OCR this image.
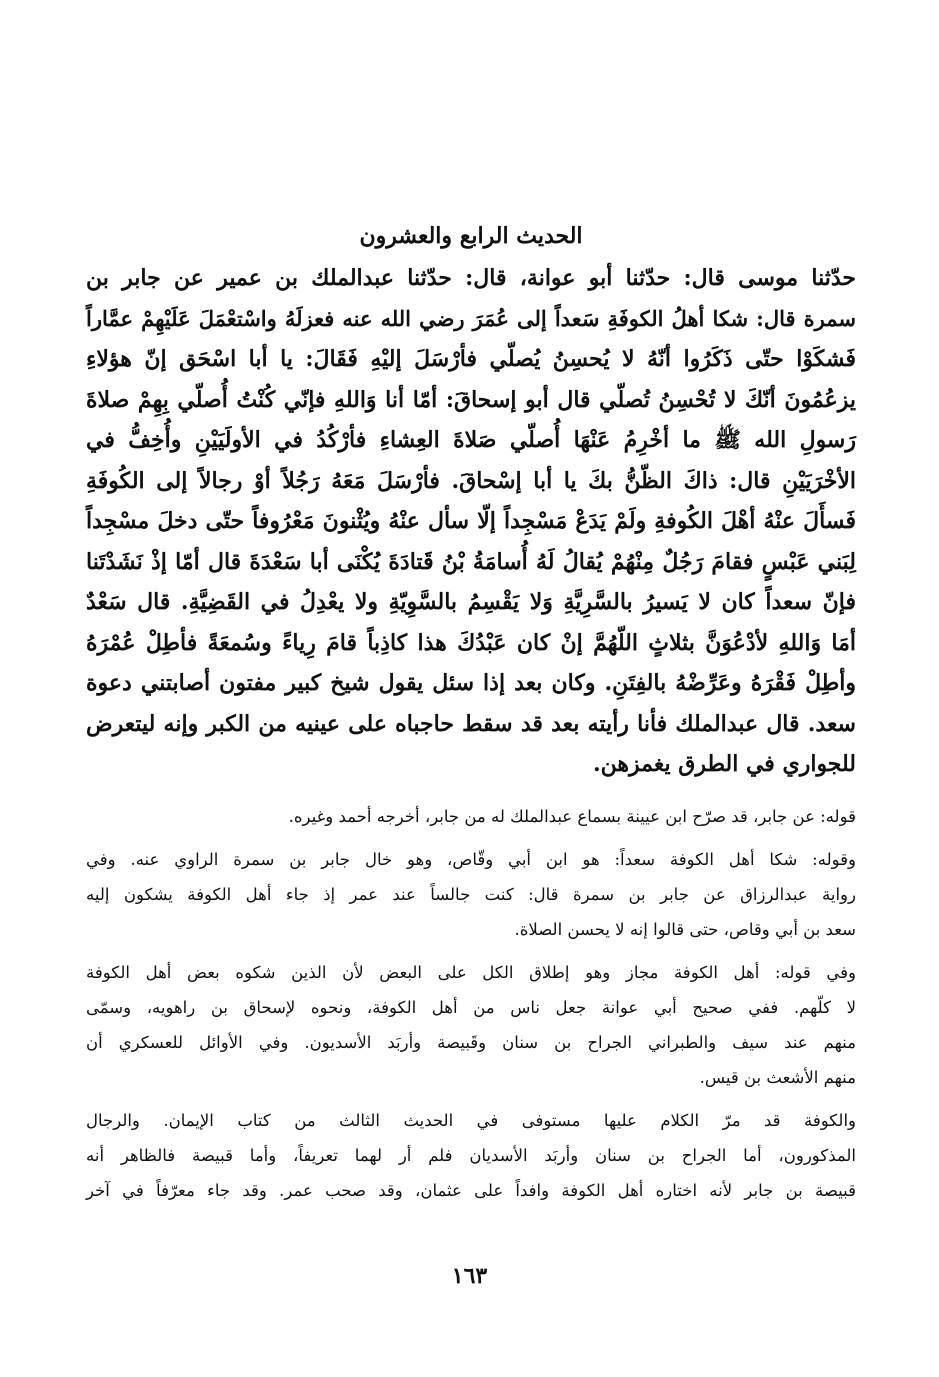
الحديث الرابع والعشرون
حدّثنا موسى قال: حدّثنا أبو عوانة، قال: حدّثنا عبدالملك بن عمير عن جابر بن
سمرة قال: شكا أهلُ الكوفَةِ سَعداً إلى عُمَرَ رضي الله عنه فعزلَهُ واسْتعْمَلَ عَلَيْهِمْ عمَّاراً
فَشكَوْا حتّى ذَكَرُوا أنّهُ لا يُحسِنُ يُصلّي فأرْسَلَ إليْهِ فَقَالَ: يا أبا اسْحَق إنّ هؤلاءِ
يزعُمُونَ أنّكَ لا تُحْسِنُ تُصلّي قال أبو إسحاقَ: أمّا أنا وَاللهِ فإنّي كُنْتُ أُصلّي بِهِمْ صلاةَ
رَسولِ الله ﷺ ما أخْرِمُ عَنْهَا أُصلّي صَلاةَ العِشاءِ فأرْكُدُ في الأولَيَيْنِ وأُخِفُّ في
الأخْرَيَيْنِ قال: ذاكَ الظّنُّ بكَ يا أبا إسْحاقَ. فأرْسَلَ مَعَهُ رَجُلاً أوْ رجالاً إلى الكُوفَةِ
فَسأَلَ عنْهُ أهْلَ الكُوفةِ ولَمْ يَدَعْ مَسْجِداً إلّا سأل عنْهُ ويُثْنونَ مَعْرُوفاً حتّى دخلَ مسْجِداً
لِبَني عَبْسٍ فقامَ رَجُلٌ مِنْهُمْ يُقالُ لَهُ أُسامَةُ بْنُ قَتادَةَ يُكْنَى أبا سَعْدَةَ قال أمّا إذْ نَشَدْتَنا
فإنّ سعداً كان لا يَسيرُ بالسَّرِيَّةِ وَلا يَقْسِمُ بالسَّوِيّةِ ولا يعْدِلُ في القَضِيَّةِ. قال سَعْدٌ
أمَا وَاللهِ لأدْعُوَنَّ بثلاثٍ اللّهُمَّ إنْ كان عَبْدُكَ هذا كاذِباً قامَ رِياءً وسُمعَةً فأطِلْ عُمْرَهُ
وأطِلْ فَقْرَهُ وعَرِّضْهُ بالفِتَنِ. وكان بعد إذا سئل يقول شيخ كبير مفتون أصابتني دعوة
سعد. قال عبدالملك فأنا رأيته بعد قد سقط حاجباه على عينيه من الكبر وإنه ليتعرض
للجواري في الطرق يغمزهن.

قوله: عن جابر، قد صرّح ابن عيينة بسماع عبدالملك له من جابر، أخرجه أحمد وغيره.

وقوله: شكا أهل الكوفة سعداً: هو ابن أبي وقّاص، وهو خال جابر بن سمرة الراوي عنه. وفي
رواية عبدالرزاق عن جابر بن سمرة قال: كنت جالساً عند عمر إذ جاء أهل الكوفة يشكون إليه
سعد بن أبي وقاص، حتى قالوا إنه لا يحسن الصلاة.

وفي قوله: أهل الكوفة مجاز وهو إطلاق الكل على البعض لأن الذين شكوه بعض أهل الكوفة
لا كلّهم. ففي صحيح أبي عوانة جعل ناس من أهل الكوفة، ونحوه لإسحاق بن راهويه، وسمّى
منهم عند سيف والطبراني الجراح بن سنان وقَبيصة وأربَد الأسديون. وفي الأوائل للعسكري أن
منهم الأشعث بن قيس.

والكوفة قد مرّ الكلام عليها مستوفى في الحديث الثالث من كتاب الإيمان. والرجال
المذكورون، أما الجراح بن سنان وأربَد الأسديان فلم أر لهما تعريفاً، وأما قبيصة فالظاهر أنه
قبيصة بن جابر لأنه اختاره أهل الكوفة وافداً على عثمان، وقد صحب عمر. وقد جاء معرّفاً في آخر

١٦٣
